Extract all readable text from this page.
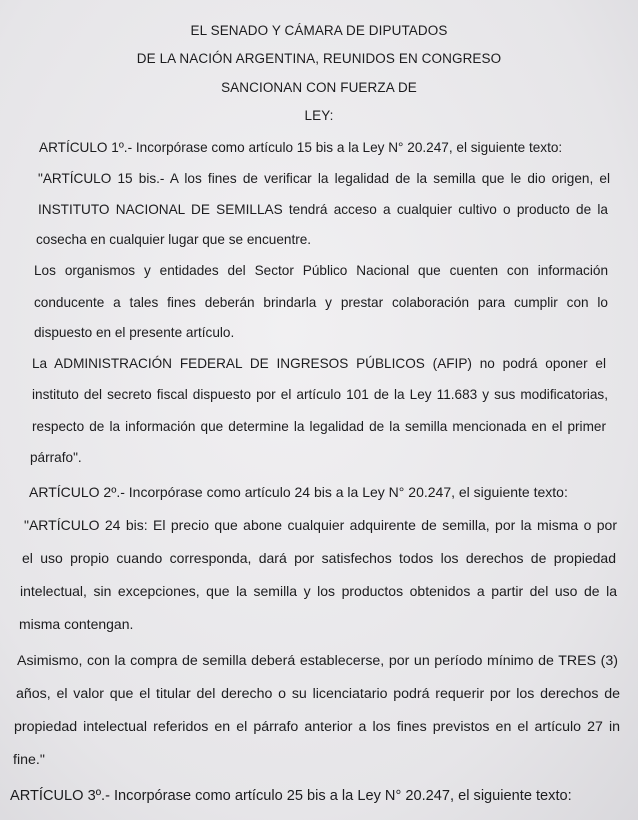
EL SENADO Y CÁMARA DE DIPUTADOS
DE LA NACIÓN ARGENTINA, REUNIDOS EN CONGRESO
SANCIONAN CON FUERZA DE
LEY:
ARTÍCULO 1º.- Incorpórase como artículo 15 bis a la Ley N° 20.247, el siguiente texto:
"ARTÍCULO 15 bis.- A los fines de verificar la legalidad de la semilla que le dio origen, el
INSTITUTO NACIONAL DE SEMILLAS tendrá acceso a cualquier cultivo o producto de la
cosecha en cualquier lugar que se encuentre.
Los organismos y entidades del Sector Público Nacional que cuenten con información
conducente a tales fines deberán brindarla y prestar colaboración para cumplir con lo
dispuesto en el presente artículo.
La ADMINISTRACIÓN FEDERAL DE INGRESOS PÚBLICOS (AFIP) no podrá oponer el
instituto del secreto fiscal dispuesto por el artículo 101 de la Ley 11.683 y sus modificatorias,
respecto de la información que determine la legalidad de la semilla mencionada en el primer
párrafo".
ARTÍCULO 2º.- Incorpórase como artículo 24 bis a la Ley N° 20.247, el siguiente texto:
"ARTÍCULO 24 bis: El precio que abone cualquier adquirente de semilla, por la misma o por
el uso propio cuando corresponda, dará por satisfechos todos los derechos de propiedad
intelectual, sin excepciones, que la semilla y los productos obtenidos a partir del uso de la
misma contengan.
Asimismo, con la compra de semilla deberá establecerse, por un período mínimo de TRES (3)
años, el valor que el titular del derecho o su licenciatario podrá requerir por los derechos de
propiedad intelectual referidos en el párrafo anterior a los fines previstos en el artículo 27 in
fine."
ARTÍCULO 3º.- Incorpórase como artículo 25 bis a la Ley N° 20.247, el siguiente texto:
